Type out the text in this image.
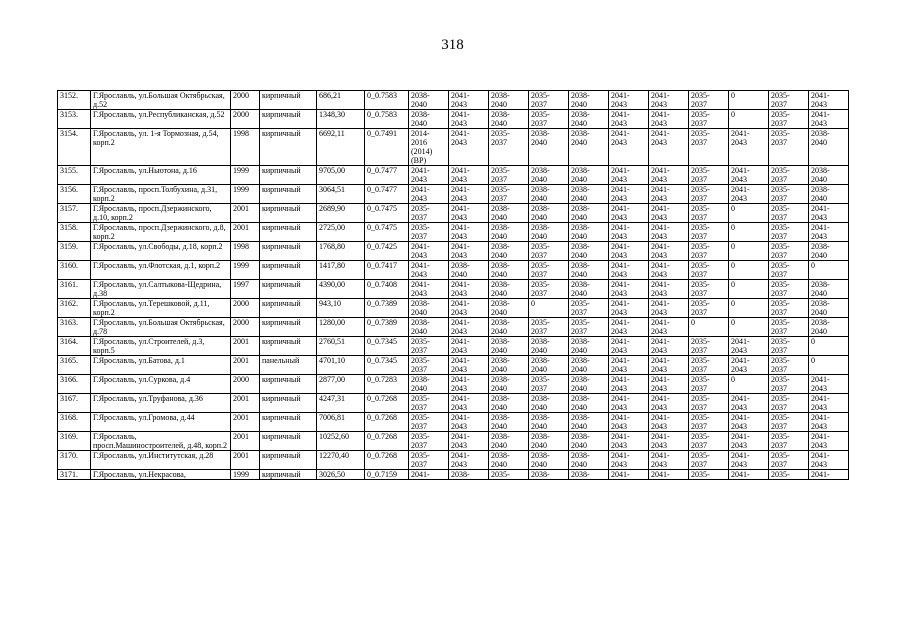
318
3152.	Г.Ярославль, ул.Большая Октябрьская, д.52	2000	кирпичный	686,21	0_0.7583	2038-
2040	2041-
2043	2038-
2040	2035-
2037	2038-
2040	2041-
2043	2041-
2043	2035-
2037	0	2035-
2037	2041-
2043
3153.	Г.Ярославль, ул.Республиканская, д.52	2000	кирпичный	1348,30	0_0.7583	2038-
2040	2041-
2043	2038-
2040	2035-
2037	2038-
2040	2041-
2043	2041-
2043	2035-
2037	0	2035-
2037	2041-
2043
3154.	Г.Ярославль, ул. 1-я Тормозная, д.54, корп.2	1998	кирпичный	6692,11	0_0.7491	2014-
2016
(2014)
(ВР)	2041-
2043	2035-
2037	2038-
2040	2038-
2040	2041-
2043	2041-
2043	2035-
2037	2041-
2043	2035-
2037	2038-
2040
3155.	Г.Ярославль, ул.Ньютона, д.16	1999	кирпичный	9705,00	0_0.7477	2041-
2043	2041-
2043	2035-
2037	2038-
2040	2038-
2040	2041-
2043	2041-
2043	2035-
2037	2041-
2043	2035-
2037	2038-
2040
3156.	Г.Ярославль, просп.Толбухина, д.31, корп.2	1999	кирпичный	3064,51	0_0.7477	2041-
2043	2041-
2043	2035-
2037	2038-
2040	2038-
2040	2041-
2043	2041-
2043	2035-
2037	2041-
2043	2035-
2037	2038-
2040
3157.	Г.Ярославль, просп.Дзержинского, д.10, корп.2	2001	кирпичный	2689,90	0_0.7475	2035-
2037	2041-
2043	2038-
2040	2038-
2040	2038-
2040	2041-
2043	2041-
2043	2035-
2037	0	2035-
2037	2041-
2043
3158.	Г.Ярославль, просп.Дзержинского, д.8, корп.2	2001	кирпичный	2725,00	0_0.7475	2035-
2037	2041-
2043	2038-
2040	2038-
2040	2038-
2040	2041-
2043	2041-
2043	2035-
2037	0	2035-
2037	2041-
2043
3159.	Г.Ярославль, ул.Свободы, д.18, корп.2	1998	кирпичный	1768,80	0_0.7425	2041-
2043	2041-
2043	2038-
2040	2035-
2037	2038-
2040	2041-
2043	2041-
2043	2035-
2037	0	2035-
2037	2038-
2040
3160.	Г.Ярославль, ул.Флотская, д.1, корп.2	1999	кирпичный	1417,80	0_0.7417	2041-
2043	2038-
2040	2038-
2040	2035-
2037	2038-
2040	2041-
2043	2041-
2043	2035-
2037	0	2035-
2037	0
3161.	Г.Ярославль, ул.Салтыкова-Щедрина, д.38	1997	кирпичный	4390,00	0_0.7408	2041-
2043	2041-
2043	2038-
2040	2035-
2037	2038-
2040	2041-
2043	2041-
2043	2035-
2037	0	2035-
2037	2038-
2040
3162.	Г.Ярославль, ул.Терешковой, д.11, корп.2	2000	кирпичный	943,10	0_0.7389	2038-
2040	2041-
2043	2038-
2040	0	2035-
2037	2041-
2043	2041-
2043	2035-
2037	0	2035-
2037	2038-
2040
3163.	Г.Ярославль, ул.Большая Октябрьская, д.78	2000	кирпичный	1280,00	0_0.7389	2038-
2040	2041-
2043	2038-
2040	2035-
2037	2035-
2037	2041-
2043	2041-
2043	0	0	2035-
2037	2038-
2040
3164.	Г.Ярославль, ул.Строителей, д.3, корп.5	2001	кирпичный	2760,51	0_0.7345	2035-
2037	2041-
2043	2038-
2040	2038-
2040	2038-
2040	2041-
2043	2041-
2043	2035-
2037	2041-
2043	2035-
2037	0
3165.	Г.Ярославль, ул.Батова, д.1	2001	панельный	4701,10	0_0.7345	2035-
2037	2041-
2043	2038-
2040	2038-
2040	2038-
2040	2041-
2043	2041-
2043	2035-
2037	2041-
2043	2035-
2037	0
3166.	Г.Ярославль, ул.Суркова, д.4	2000	кирпичный	2877,00	0_0.7283	2038-
2040	2041-
2043	2038-
2040	2035-
2037	2038-
2040	2041-
2043	2041-
2043	2035-
2037	0	2035-
2037	2041-
2043
3167.	Г.Ярославль, ул.Труфанова, д.36	2001	кирпичный	4247,31	0_0.7268	2035-
2037	2041-
2043	2038-
2040	2038-
2040	2038-
2040	2041-
2043	2041-
2043	2035-
2037	2041-
2043	2035-
2037	2041-
2043
3168.	Г.Ярославль, ул.Громова, д.44	2001	кирпичный	7006,81	0_0.7268	2035-
2037	2041-
2043	2038-
2040	2038-
2040	2038-
2040	2041-
2043	2041-
2043	2035-
2037	2041-
2043	2035-
2037	2041-
2043
3169.	Г.Ярославль, просп.Машиностроителей, д.48, корп.2	2001	кирпичный	10252,60	0_0.7268	2035-
2037	2041-
2043	2038-
2040	2038-
2040	2038-
2040	2041-
2043	2041-
2043	2035-
2037	2041-
2043	2035-
2037	2041-
2043
3170.	Г.Ярославль, ул.Институтская, д.28	2001	кирпичный	12270,40	0_0.7268	2035-
2037	2041-
2043	2038-
2040	2038-
2040	2038-
2040	2041-
2043	2041-
2043	2035-
2037	2041-
2043	2035-
2037	2041-
2043
3171.	Г.Ярославль, ул.Некрасова,	1999	кирпичный	3026,50	0_0.7159	2041-	2038-	2035-	2038-	2038-	2041-	2041-	2035-	2041-	2035-	2041-
